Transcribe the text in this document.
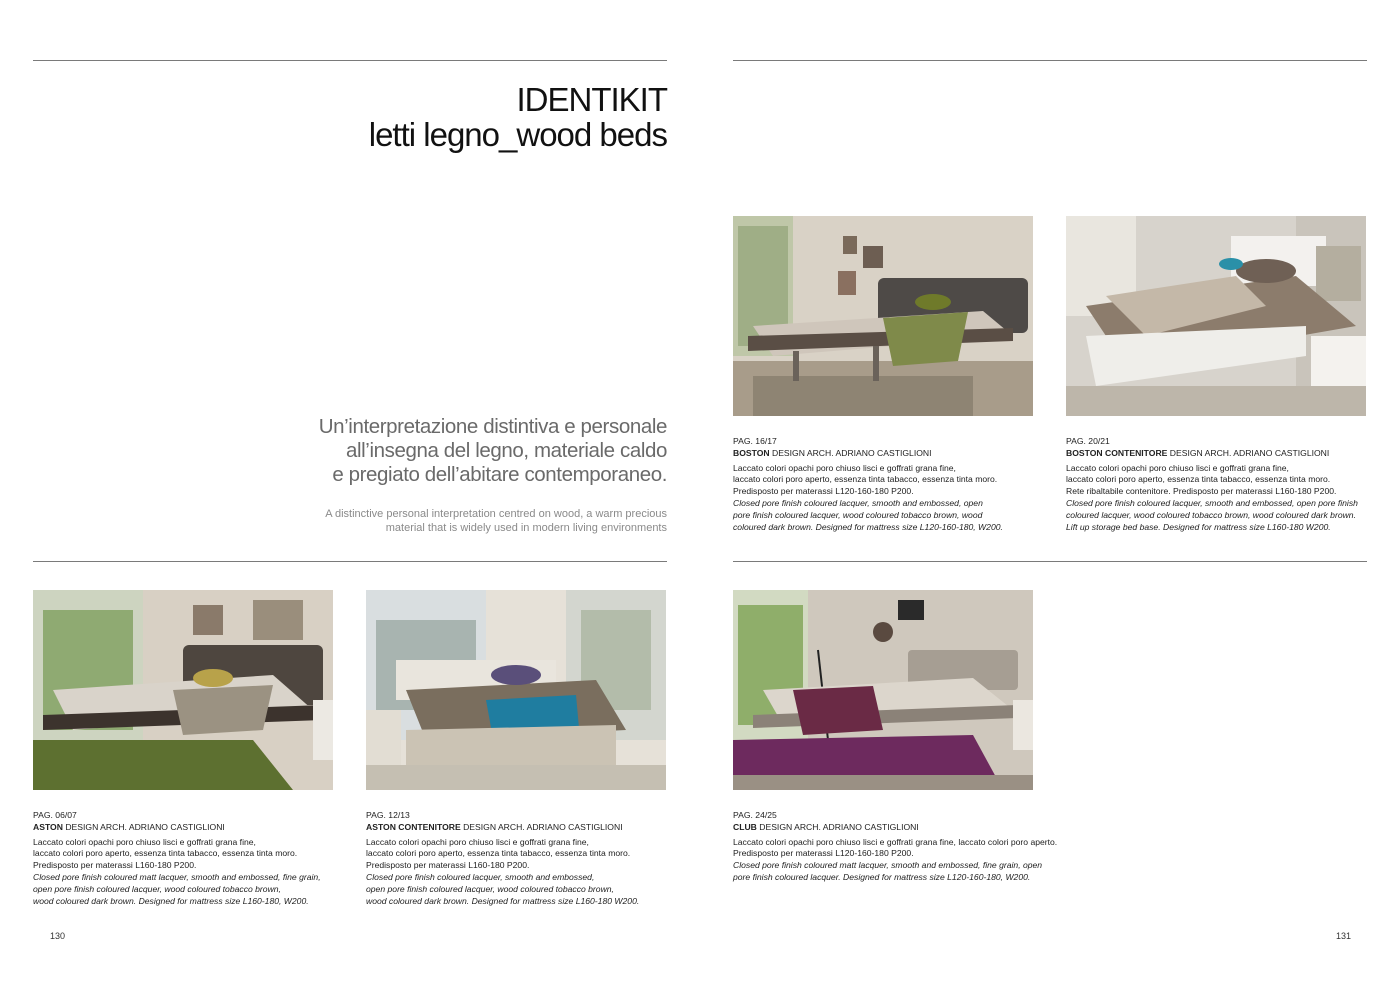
IDENTIKIT
letti legno_wood beds
Un’interpretazione distintiva e personale
all’insegna del legno, materiale caldo
e pregiato dell’abitare contemporaneo.
A distinctive personal interpretation centred on wood, a warm precious
material that is widely used in modern living environments
PAG. 16/17
BOSTON DESIGN ARCH. ADRIANO CASTIGLIONI
Laccato colori opachi poro chiuso lisci e goffrati grana fine,
laccato colori poro aperto, essenza tinta tabacco, essenza tinta moro.
Predisposto per materassi L120-160-180 P200.
Closed pore finish coloured lacquer, smooth and embossed, open
pore finish coloured lacquer, wood coloured tobacco brown, wood
coloured dark brown. Designed for mattress size L120-160-180, W200.
PAG. 20/21
BOSTON CONTENITORE DESIGN ARCH. ADRIANO CASTIGLIONI
Laccato colori opachi poro chiuso lisci e goffrati grana fine,
laccato colori poro aperto, essenza tinta tabacco, essenza tinta moro.
Rete ribaltabile contenitore. Predisposto per materassi L160-180 P200.
Closed pore finish coloured lacquer, smooth and embossed, open pore finish
coloured lacquer, wood coloured tobacco brown, wood coloured dark brown.
Lift up storage bed base. Designed for mattress size L160-180 W200.
PAG. 06/07
ASTON DESIGN ARCH. ADRIANO CASTIGLIONI
Laccato colori opachi poro chiuso lisci e goffrati grana fine,
laccato colori poro aperto, essenza tinta tabacco, essenza tinta moro.
Predisposto per materassi L160-180 P200.
Closed pore finish coloured matt lacquer, smooth and embossed, fine grain,
open pore finish coloured lacquer, wood coloured tobacco brown,
wood coloured dark brown. Designed for mattress size L160-180, W200.
PAG. 12/13
ASTON CONTENITORE DESIGN ARCH. ADRIANO CASTIGLIONI
Laccato colori opachi poro chiuso lisci e goffrati grana fine,
laccato colori poro aperto, essenza tinta tabacco, essenza tinta moro.
Predisposto per materassi L160-180 P200.
Closed pore finish coloured lacquer, smooth and embossed,
open pore finish coloured lacquer, wood coloured tobacco brown,
wood coloured dark brown. Designed for mattress size L160-180 W200.
PAG. 24/25
CLUB DESIGN ARCH. ADRIANO CASTIGLIONI
Laccato colori opachi poro chiuso lisci e goffrati grana fine, laccato colori poro aperto.
Predisposto per materassi L120-160-180 P200.
Closed pore finish coloured matt lacquer, smooth and embossed, fine grain, open
pore finish coloured lacquer. Designed for mattress size L120-160-180, W200.
130	131
